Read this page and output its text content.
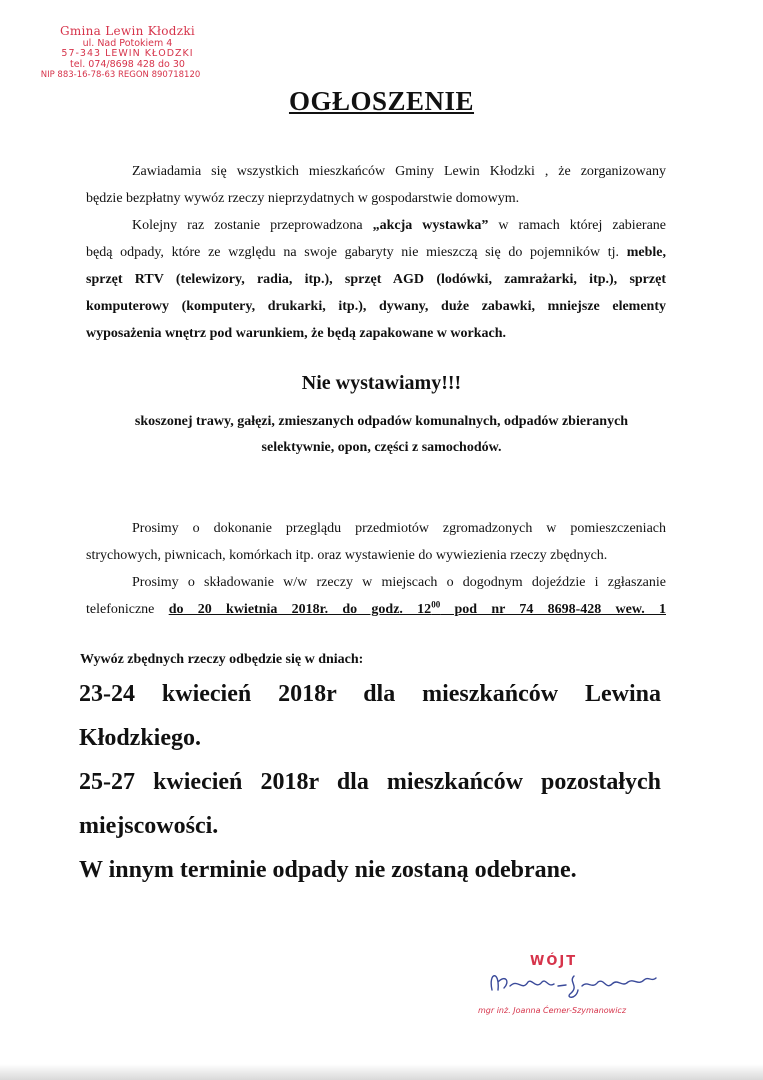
Gmina Lewin Kłodzki
ul. Nad Potokiem 4
57-343 LEWIN KŁODZKI
tel. 074/8698 428 do 30
NIP 883-16-78-63 REGON 890718120
OGŁOSZENIE
Zawiadamia się wszystkich mieszkańców Gminy Lewin Kłodzki , że zorganizowany
będzie bezpłatny wywóz rzeczy nieprzydatnych w gospodarstwie domowym.
Kolejny raz zostanie przeprowadzona „akcja wystawka” w ramach której zabierane
będą odpady, które ze względu na swoje gabaryty nie mieszczą się do pojemników tj. meble,
sprzęt RTV (telewizory, radia, itp.), sprzęt AGD (lodówki, zamrażarki, itp.), sprzęt
komputerowy (komputery, drukarki, itp.), dywany, duże zabawki, mniejsze elementy
wyposażenia wnętrz pod warunkiem, że będą zapakowane w workach.
Nie wystawiamy!!!
skoszonej trawy, gałęzi, zmieszanych odpadów komunalnych, odpadów zbieranych
selektywnie, opon, części z samochodów.
Prosimy o dokonanie przeglądu przedmiotów zgromadzonych w pomieszczeniach
strychowych, piwnicach, komórkach itp. oraz wystawienie do wywiezienia rzeczy zbędnych.
Prosimy o składowanie w/w rzeczy w miejscach o dogodnym dojeździe i zgłaszanie
telefoniczne do 20 kwietnia 2018r. do godz. $12^{00}$ pod nr 74 8698-428 wew. 1
Wywóz zbędnych rzeczy odbędzie się w dniach:
23-24 kwiecień 2018r dla mieszkańców Lewina
Kłodzkiego.
25-27 kwiecień 2018r dla mieszkańców pozostałych
miejscowości.
W innym terminie odpady nie zostaną odebrane.
WÓJT
mgr inż. Joanna Ćemer-Szymanowicz
